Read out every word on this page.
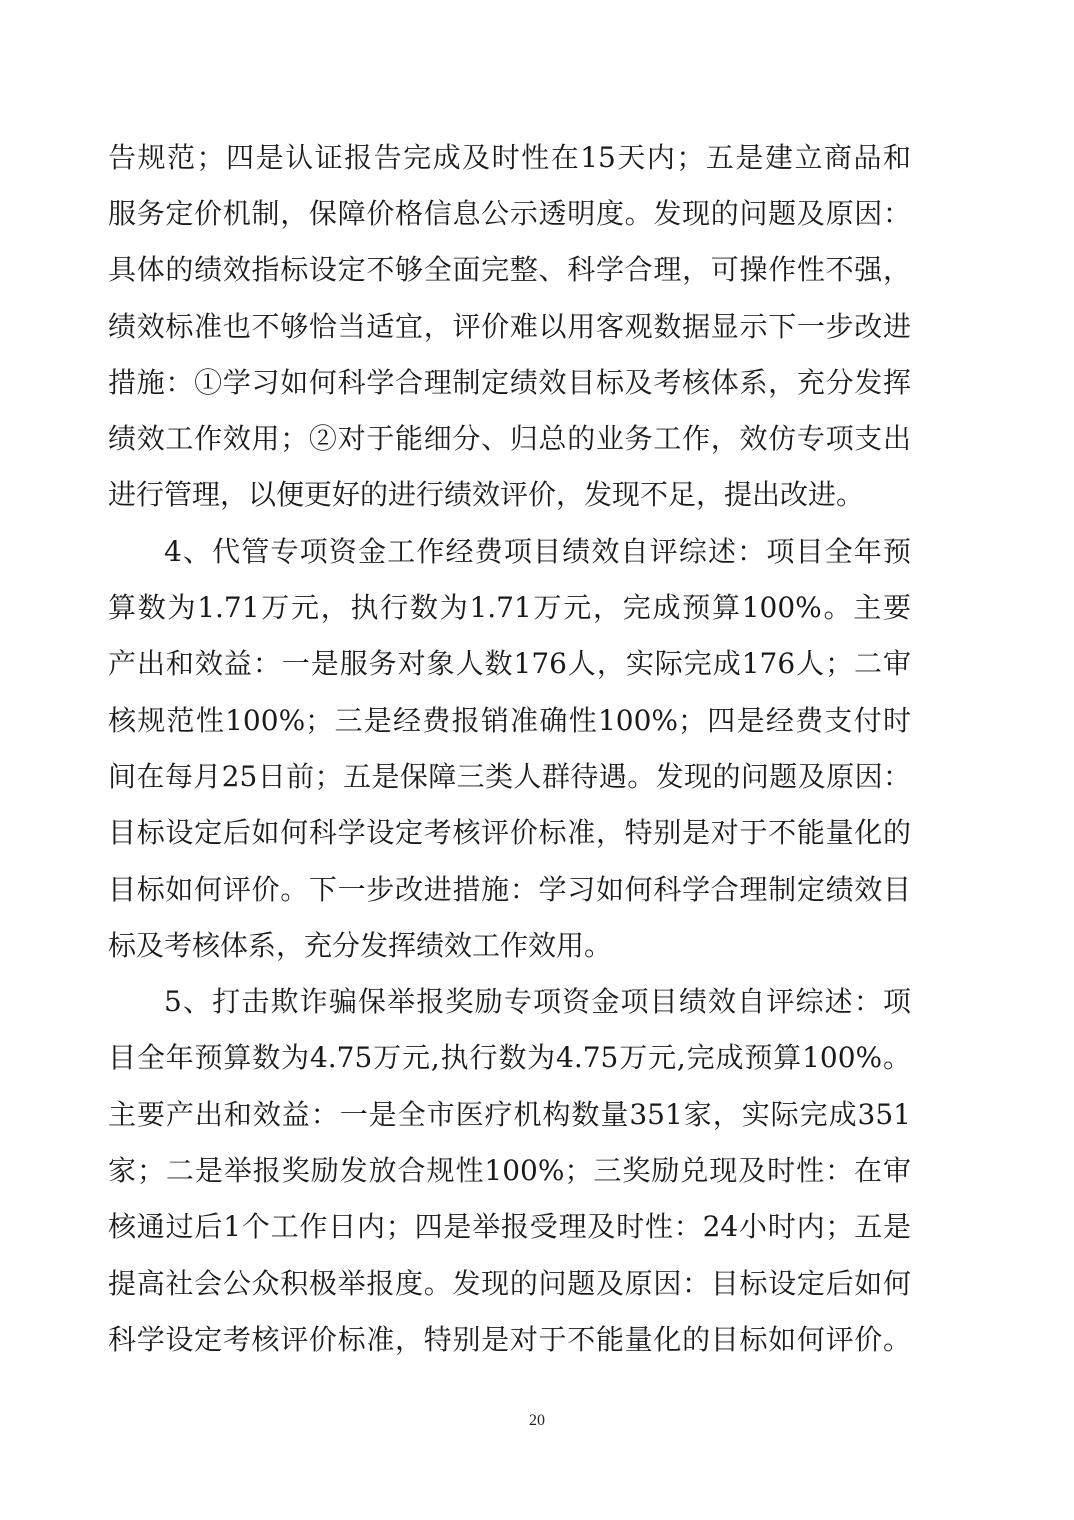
告规范；四是认证报告完成及时性在15天内；五是建立商品和
服务定价机制，保障价格信息公示透明度。发现的问题及原因：
具体的绩效指标设定不够全面完整、科学合理，可操作性不强，
绩效标准也不够恰当适宜，评价难以用客观数据显示下一步改进
措施：①学习如何科学合理制定绩效目标及考核体系，充分发挥
绩效工作效用；②对于能细分、归总的业务工作，效仿专项支出
进行管理，以便更好的进行绩效评价，发现不足，提出改进。
4、代管专项资金工作经费项目绩效自评综述：项目全年预
算数为1.71万元，执行数为1.71万元，完成预算100%。主要
产出和效益：一是服务对象人数176人，实际完成176人；二审
核规范性100%；三是经费报销准确性100%；四是经费支付时
间在每月25日前；五是保障三类人群待遇。发现的问题及原因：
目标设定后如何科学设定考核评价标准，特别是对于不能量化的
目标如何评价。下一步改进措施：学习如何科学合理制定绩效目
标及考核体系，充分发挥绩效工作效用。
5、打击欺诈骗保举报奖励专项资金项目绩效自评综述：项
目全年预算数为4.75万元,执行数为4.75万元,完成预算100%。
主要产出和效益：一是全市医疗机构数量351家，实际完成351
家；二是举报奖励发放合规性100%；三奖励兑现及时性：在审
核通过后1个工作日内；四是举报受理及时性：24小时内；五是
提高社会公众积极举报度。发现的问题及原因：目标设定后如何
科学设定考核评价标准，特别是对于不能量化的目标如何评价。
20
